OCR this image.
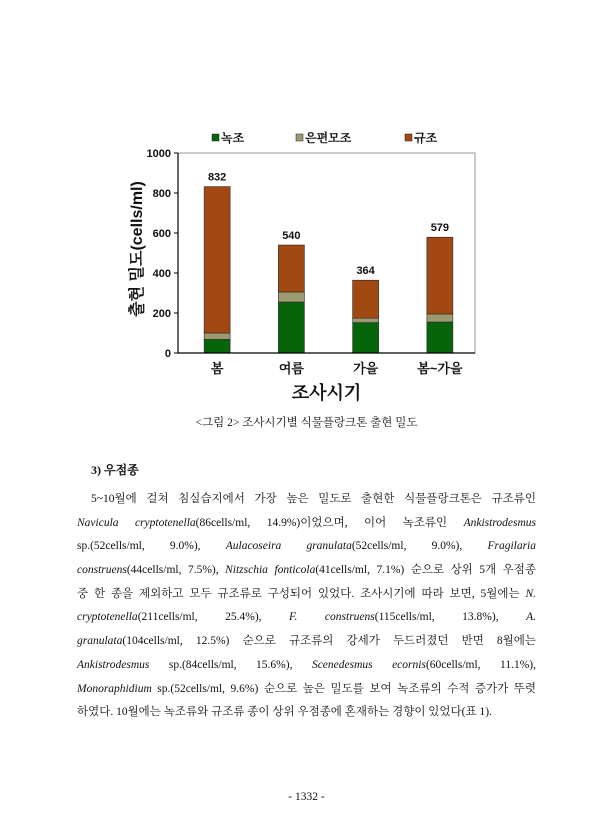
832
봄
540
여름
364
가을
579
봄~가을
0
200
400
600
800
1000
조사시기
출현 밀도(cells/ml)
녹조	은편모조	규조
<그림 2> 조사시기별 식물플랑크톤 출현 밀도
3) 우점종
5~10월에 걸쳐 침실습지에서 가장 높은 밀도로 출현한 식물플랑크톤은 규조류인
Navicula cryptotenella(86cells/ml, 14.9%)이었으며, 이어 녹조류인 Ankistrodesmus
sp.(52cells/ml, 9.0%), Aulacoseira granulata(52cells/ml, 9.0%), Fragilaria
construens(44cells/ml, 7.5%), Nitzschia fonticola(41cells/ml, 7.1%) 순으로 상위 5개 우점종
중 한 종을 제외하고 모두 규조류로 구성되어 있었다. 조사시기에 따라 보면, 5월에는 N.
cryptotenella(211cells/ml, 25.4%), F. construens(115cells/ml, 13.8%), A.
granulata(104cells/ml, 12.5%) 순으로 규조류의 강세가 두드러졌던 반면 8월에는
Ankistrodesmus sp.(84cells/ml, 15.6%), Scenedesmus ecornis(60cells/ml, 11.1%),
Monoraphidium sp.(52cells/ml, 9.6%) 순으로 높은 밀도를 보여 녹조류의 수적 증가가 뚜렷
하였다. 10월에는 녹조류와 규조류 종이 상위 우점종에 혼재하는 경향이 있었다(표 1).
- 1332 -
